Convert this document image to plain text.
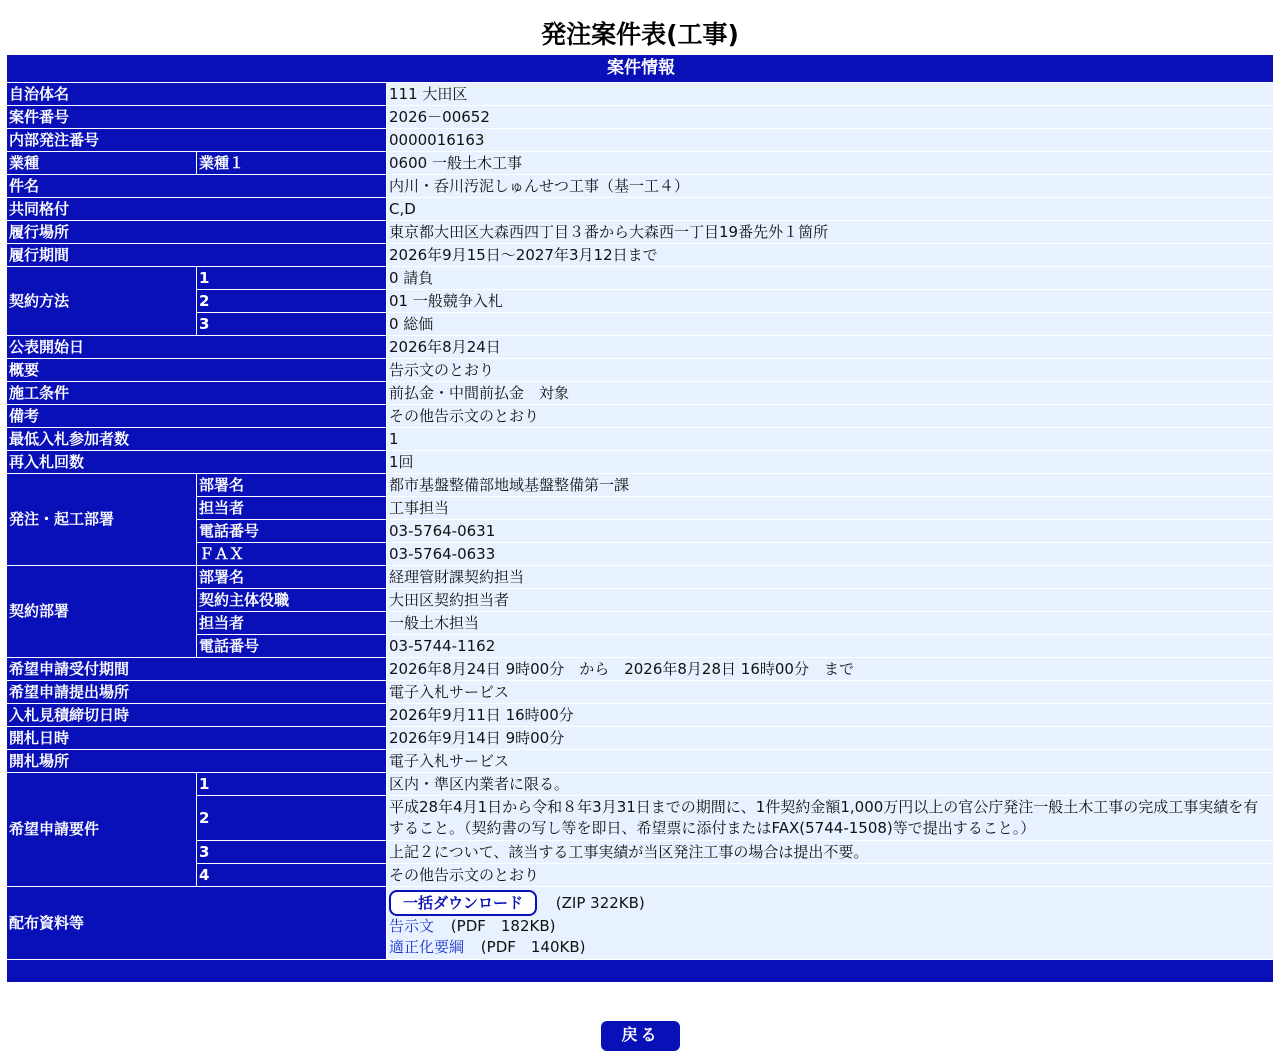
発注案件表(工事)
案件情報		
自治体名		111 大田区
案件番号		2026－00652
内部発注番号		0000016163
業種	業種１	0600 一般土木工事
件名		内川・呑川汚泥しゅんせつ工事（基一工４）
共同格付		C,D
履行場所		東京都大田区大森西四丁目３番から大森西一丁目19番先外１箇所
履行期間		2026年9月15日～2027年3月12日まで
契約方法	1	0 請負
	2	01 一般競争入札
	3	0 総価
公表開始日		2026年8月24日
概要		告示文のとおり
施工条件		前払金・中間前払金　対象
備考		その他告示文のとおり
最低入札参加者数		1
再入札回数		1回
発注・起工部署	部署名	都市基盤整備部地域基盤整備第一課
	担当者	工事担当
	電話番号	03-5764-0631
	ＦＡＸ	03-5764-0633
契約部署	部署名	経理管財課契約担当
	契約主体役職	大田区契約担当者
	担当者	一般土木担当
	電話番号	03-5744-1162
希望申請受付期間		2026年8月24日 9時00分　から　2026年8月28日 16時00分　まで
希望申請提出場所		電子入札サービス
入札見積締切日時		2026年9月11日 16時00分
開札日時		2026年9月14日 9時00分
開札場所		電子入札サービス
希望申請要件	1	区内・準区内業者に限る。
	2	平成28年4月1日から令和８年3月31日までの期間に、1件契約金額1,000万円以上の官公庁発注一般土木工事の完成工事実績を有すること。（契約書の写し等を即日、希望票に添付またはFAX(5744-1508)等で提出すること。）
	3	上記２について、該当する工事実績が当区発注工事の場合は提出不要。
	4	その他告示文のとおり
配布資料等		一括ダウンロード (ZIP 322KB)
告示文 (PDF　182KB)
適正化要綱 (PDF　140KB)

戻る
